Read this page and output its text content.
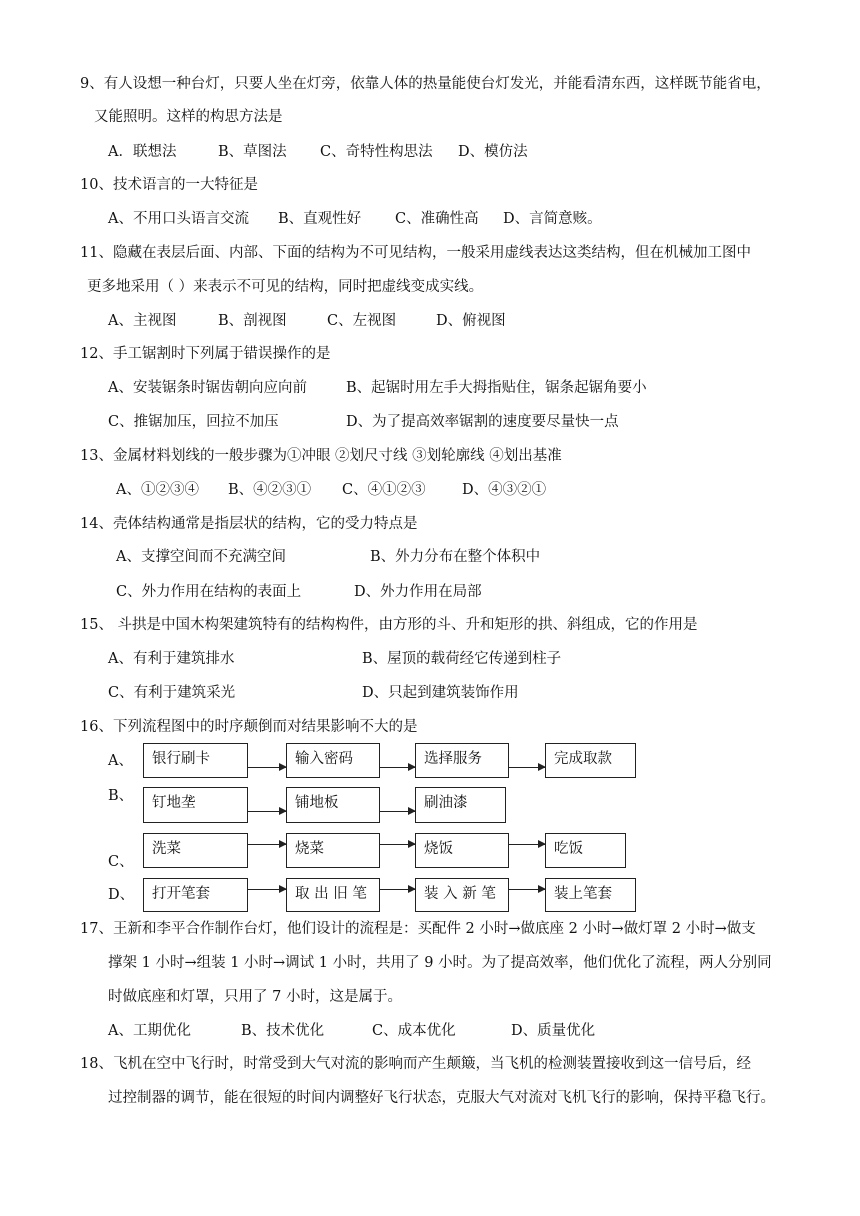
9、有人设想一种台灯，只要人坐在灯旁，依靠人体的热量能使台灯发光，并能看清东西，这样既节能省电，
又能照明。这样的构思方法是
A．联想法	B、草图法 C、奇特性构思法 D、模仿法
10、技术语言的一大特征是
A、不用口头语言交流 B、直观性好 C、准确性高 D、言简意赅。
11、隐藏在表层后面、内部、下面的结构为不可见结构，一般采用虚线表达这类结构，但在机械加工图中
更多地采用（ ）来表示不可见的结构，同时把虚线变成实线。
A、主视图	B、剖视图	C、左视图	D、俯视图
12、手工锯割时下列属于错误操作的是
A、安装锯条时锯齿朝向应向前	B、起锯时用左手大拇指贴住，锯条起锯角要小
C、推锯加压，回拉不加压	D、为了提高效率锯割的速度要尽量快一点
13、金属材料划线的一般步骤为①冲眼 ②划尺寸线 ③划轮廓线 ④划出基准
A、①②③④ B、④②③① C、④①②③	D、④③②①
14、壳体结构通常是指层状的结构，它的受力特点是
A、支撑空间而不充满空间	B、外力分布在整个体积中
C、外力作用在结构的表面上	D、外力作用在局部
15、 斗拱是中国木构架建筑特有的结构构件，由方形的斗、升和矩形的拱、斜组成，它的作用是
A、有利于建筑排水	B、屋顶的载荷经它传递到柱子
C、有利于建筑采光	D、只起到建筑装饰作用
16、下列流程图中的时序颠倒而对结果影响不大的是
A、
B、
C、
D、
银行刷卡	输入密码	选择服务	完成取款
钉地垄	铺地板	刷油漆
洗菜	烧菜	烧饭	吃饭
打开笔套	取 出 旧 笔	装 入 新 笔	装上笔套
17、王新和李平合作制作台灯，他们设计的流程是：买配件 2 小时→做底座 2 小时→做灯罩 2 小时→做支
撑架 1 小时→组装 1 小时→调试 1 小时，共用了 9 小时。为了提高效率，他们优化了流程，两人分别同
时做底座和灯罩，只用了 7 小时，这是属于。
A、工期优化	B、技术优化	C、成本优化	D、质量优化
18、飞机在空中飞行时，时常受到大气对流的影响而产生颠簸，当飞机的检测装置接收到这一信号后，经
过控制器的调节，能在很短的时间内调整好飞行状态，克服大气对流对飞机飞行的影响，保持平稳飞行。
